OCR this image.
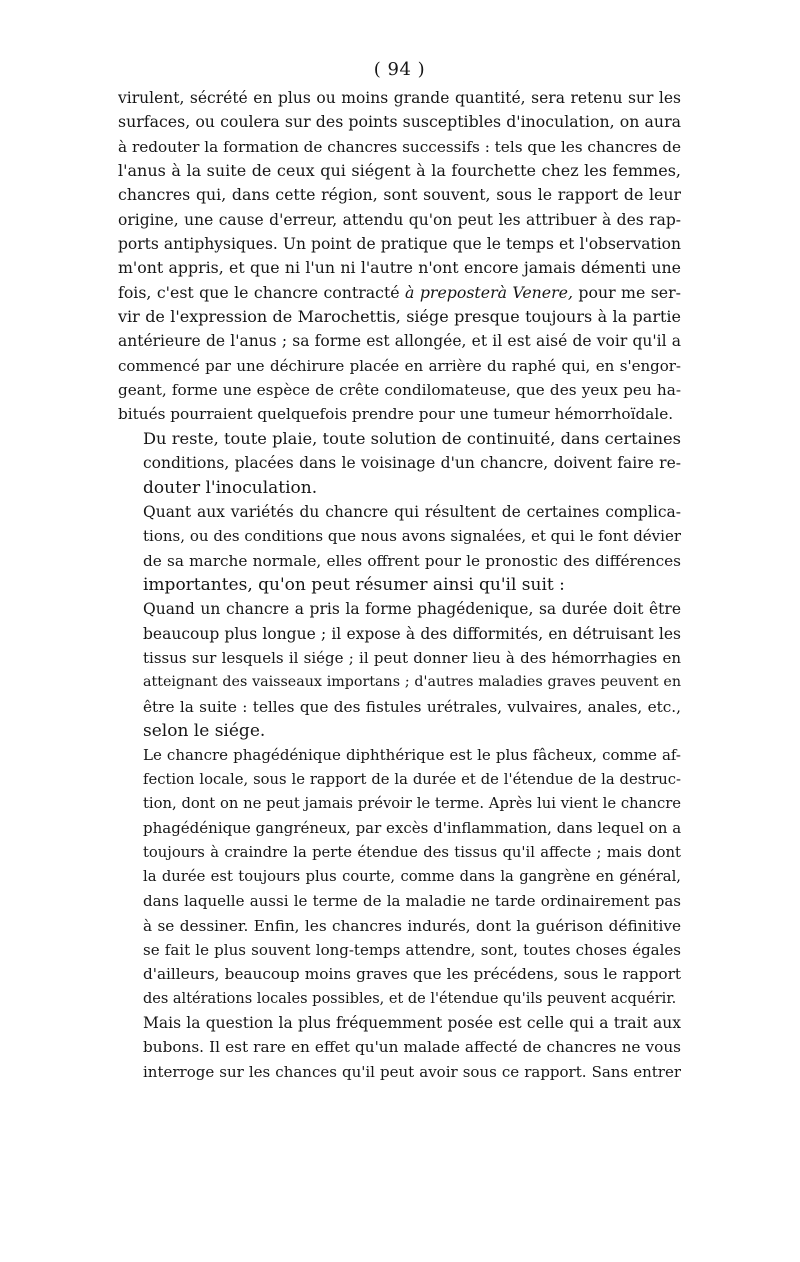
( 94 )
virulent, sécrété en plus ou moins grande quantité, sera retenu sur les
surfaces, ou coulera sur des points susceptibles d'inoculation, on aura
à redouter la formation de chancres successifs : tels que les chancres de
l'anus à la suite de ceux qui siégent à la fourchette chez les femmes,
chancres qui, dans cette région, sont souvent, sous le rapport de leur
origine, une cause d'erreur, attendu qu'on peut les attribuer à des rap-
ports antiphysiques. Un point de pratique que le temps et l'observation
m'ont appris, et que ni l'un ni l'autre n'ont encore jamais démenti une
fois, c'est que le chancre contracté à preposterà Venere, pour me ser-
vir de l'expression de Marochettis, siége presque toujours à la partie
antérieure de l'anus ; sa forme est allongée, et il est aisé de voir qu'il a
commencé par une déchirure placée en arrière du raphé qui, en s'engor-
geant, forme une espèce de crête condilomateuse, que des yeux peu ha-
bitués pourraient quelquefois prendre pour une tumeur hémorrhoïdale.
Du reste, toute plaie, toute solution de continuité, dans certaines
conditions, placées dans le voisinage d'un chancre, doivent faire re-
douter l'inoculation.
Quant aux variétés du chancre qui résultent de certaines complica-
tions, ou des conditions que nous avons signalées, et qui le font dévier
de sa marche normale, elles offrent pour le pronostic des différences
importantes, qu'on peut résumer ainsi qu'il suit :
Quand un chancre a pris la forme phagédenique, sa durée doit être
beaucoup plus longue ; il expose à des difformités, en détruisant les
tissus sur lesquels il siége ; il peut donner lieu à des hémorrhagies en
atteignant des vaisseaux importans ; d'autres maladies graves peuvent en
être la suite : telles que des fistules urétrales, vulvaires, anales, etc.,
selon le siége.
Le chancre phagédénique diphthérique est le plus fâcheux, comme af-
fection locale, sous le rapport de la durée et de l'étendue de la destruc-
tion, dont on ne peut jamais prévoir le terme. Après lui vient le chancre
phagédénique gangréneux, par excès d'inflammation, dans lequel on a
toujours à craindre la perte étendue des tissus qu'il affecte ; mais dont
la durée est toujours plus courte, comme dans la gangrène en général,
dans laquelle aussi le terme de la maladie ne tarde ordinairement pas
à se dessiner. Enfin, les chancres indurés, dont la guérison définitive
se fait le plus souvent long-temps attendre, sont, toutes choses égales
d'ailleurs, beaucoup moins graves que les précédens, sous le rapport
des altérations locales possibles, et de l'étendue qu'ils peuvent acquérir.
Mais la question la plus fréquemment posée est celle qui a trait aux
bubons. Il est rare en effet qu'un malade affecté de chancres ne vous
interroge sur les chances qu'il peut avoir sous ce rapport. Sans entrer
